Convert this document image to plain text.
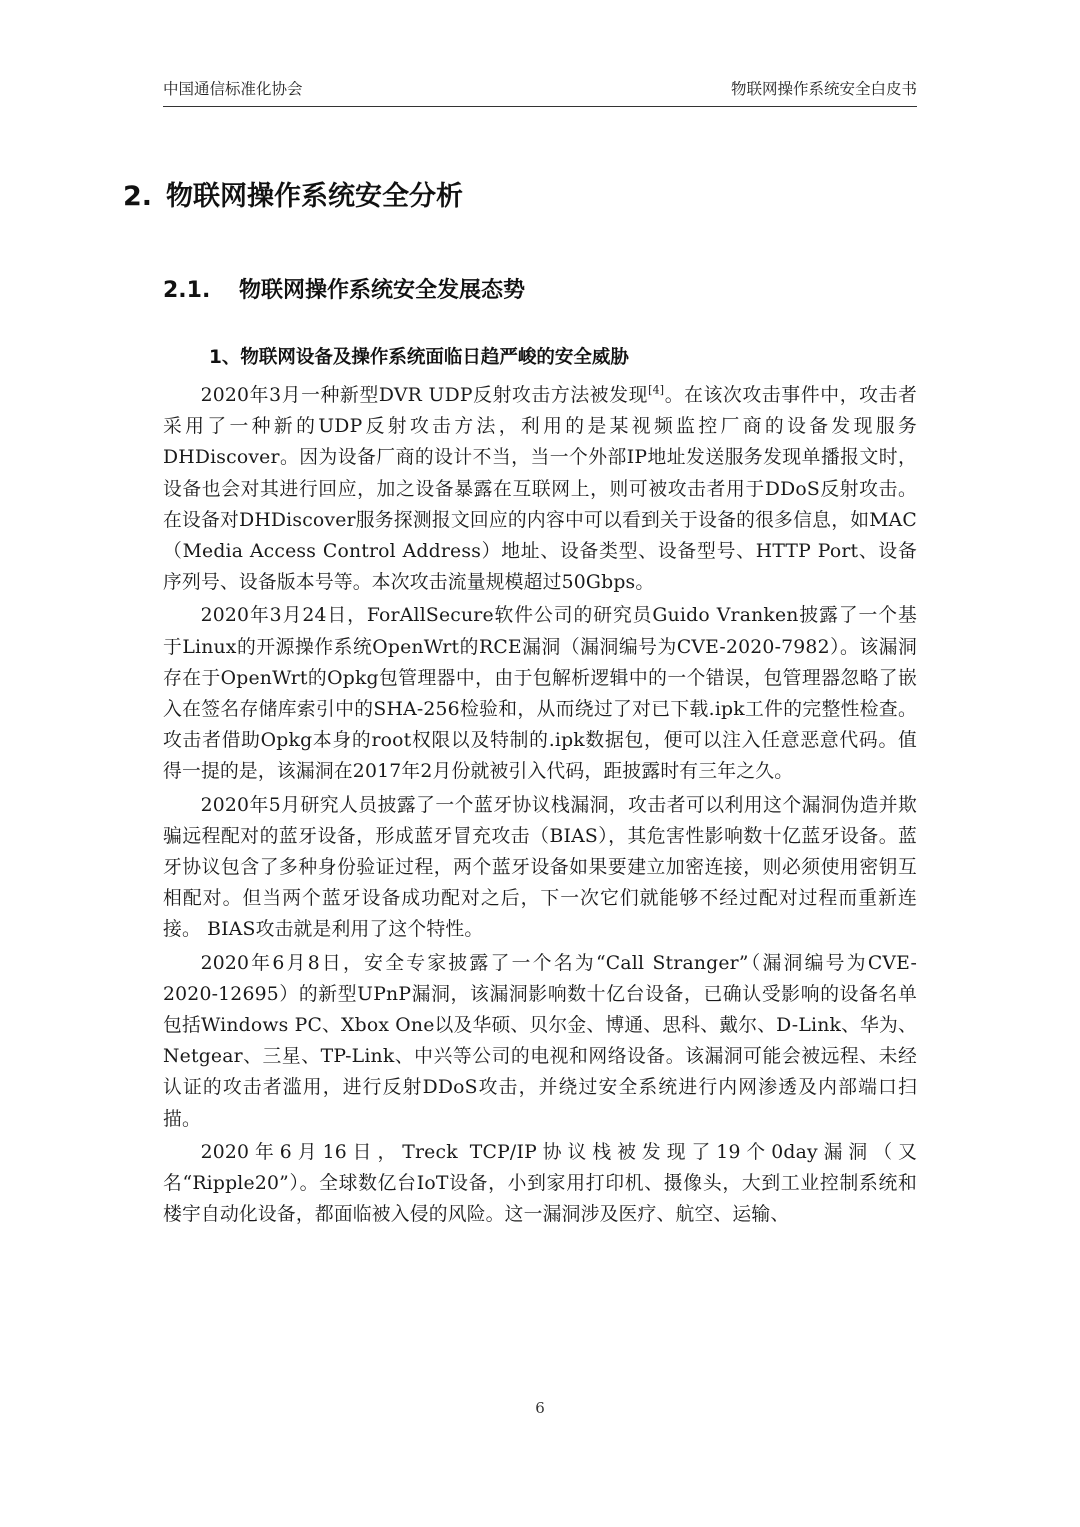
中国通信标准化协会	物联网操作系统安全白皮书
2. 物联网操作系统安全分析
2.1. 物联网操作系统安全发展态势
1、物联网设备及操作系统面临日趋严峻的安全威胁

2020年3月一种新型DVR UDP反射攻击方法被发现[4]。在该次攻击事件中，攻击者采用了一种新的UDP反射攻击方法，利用的是某视频监控厂商的设备发现服务DHDiscover。因为设备厂商的设计不当，当一个外部IP地址发送服务发现单播报文时，设备也会对其进行回应，加之设备暴露在互联网上，则可被攻击者用于DDoS反射攻击。在设备对DHDiscover服务探测报文回应的内容中可以看到关于设备的很多信息，如MAC（Media Access Control Address）地址、设备类型、设备型号、HTTP Port、设备序列号、设备版本号等。本次攻击流量规模超过50Gbps。

2020年3月24日，ForAllSecure软件公司的研究员Guido Vranken披露了一个基于Linux的开源操作系统OpenWrt的RCE漏洞（漏洞编号为CVE-2020-7982）。该漏洞存在于OpenWrt的Opkg包管理器中，由于包解析逻辑中的一个错误，包管理器忽略了嵌入在签名存储库索引中的SHA-256检验和，从而绕过了对已下载.ipk工件的完整性检查。攻击者借助Opkg本身的root权限以及特制的.ipk数据包，便可以注入任意恶意代码。值得一提的是，该漏洞在2017年2月份就被引入代码，距披露时有三年之久。

2020年5月研究人员披露了一个蓝牙协议栈漏洞，攻击者可以利用这个漏洞伪造并欺骗远程配对的蓝牙设备，形成蓝牙冒充攻击（BIAS），其危害性影响数十亿蓝牙设备。蓝牙协议包含了多种身份验证过程，两个蓝牙设备如果要建立加密连接，则必须使用密钥互相配对。但当两个蓝牙设备成功配对之后，下一次它们就能够不经过配对过程而重新连接。 BIAS攻击就是利用了这个特性。

2020年6月8日，安全专家披露了一个名为“Call Stranger”（漏洞编号为CVE-2020-12695）的新型UPnP漏洞，该漏洞影响数十亿台设备，已确认受影响的设备名单包括Windows PC、Xbox One以及华硕、贝尔金、博通、思科、戴尔、D-Link、华为、Netgear、三星、TP-Link、中兴等公司的电视和网络设备。该漏洞可能会被远程、未经认证的攻击者滥用，进行反射DDoS攻击，并绕过安全系统进行内网渗透及内部端口扫描。

2020年6月16日，Treck TCP/IP协议栈被发现了19个0day漏洞（又名“Ripple20”）。全球数亿台IoT设备，小到家用打印机、摄像头，大到工业控制系统和楼宇自动化设备，都面临被入侵的风险。这一漏洞涉及医疗、航空、运输、

6
